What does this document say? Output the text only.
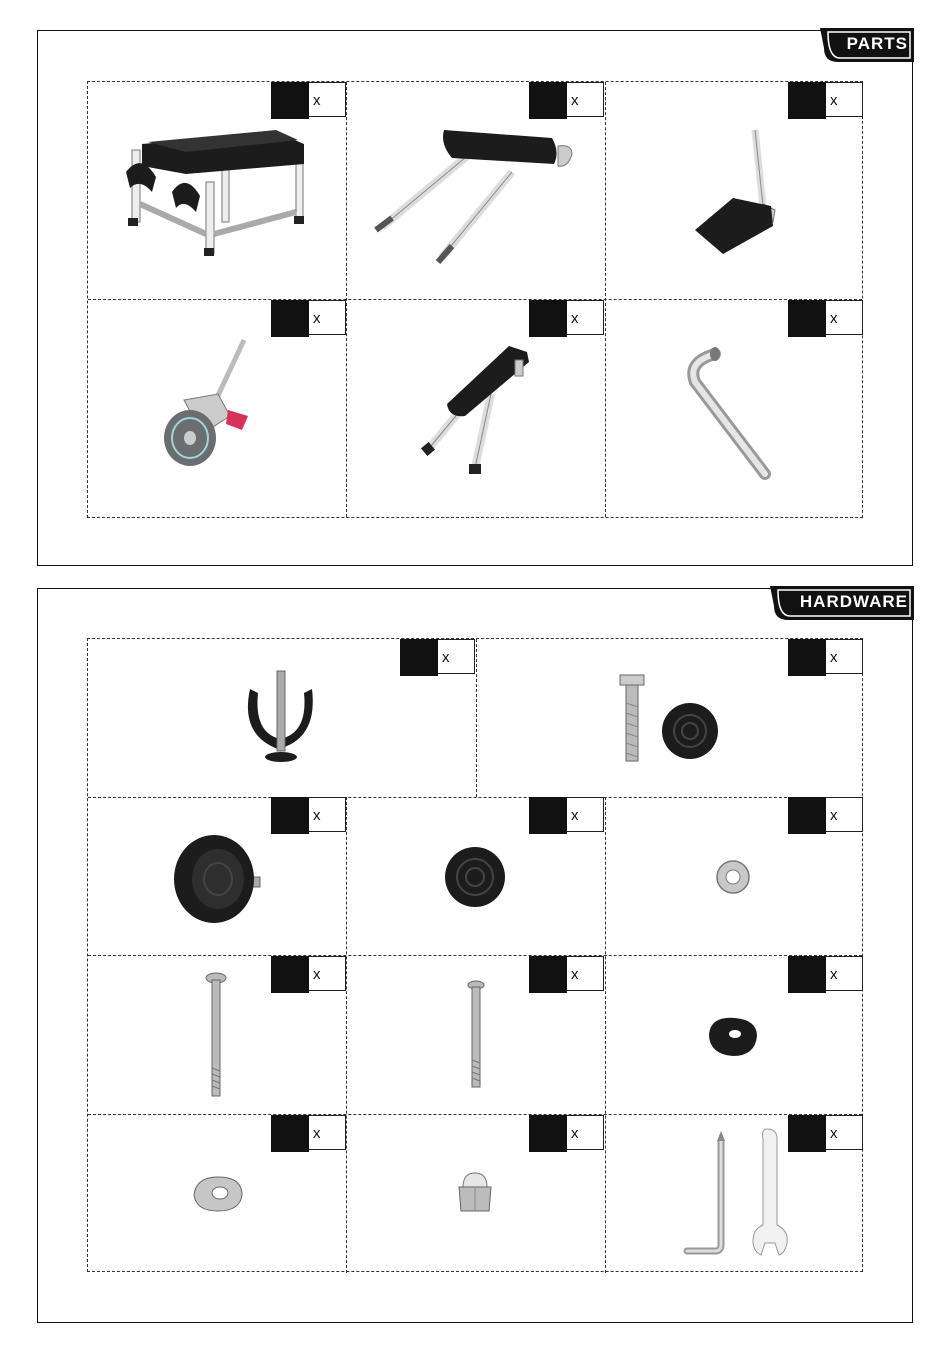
PARTS
x	x	x
x	x	x
HARDWARE
x	x
x	x	x
x	x	x
x	x	x
